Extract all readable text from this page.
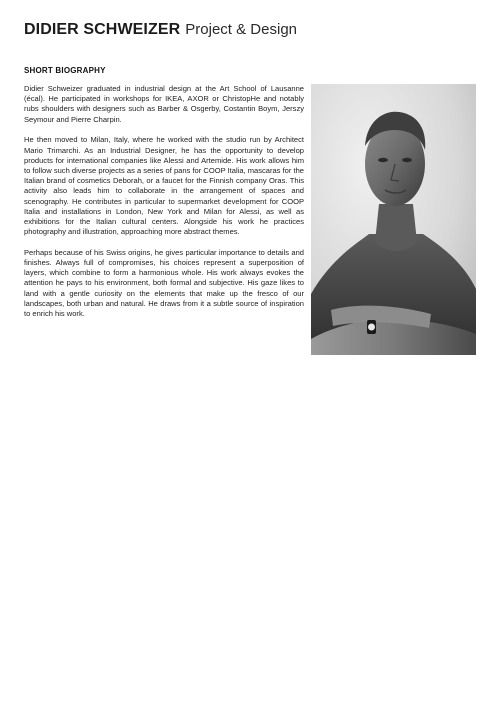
DIDIER SCHWEIZER Project & Design
SHORT BIOGRAPHY

Didier Schweizer graduated in industrial design at the Art School of Lausanne (écal). He participated in workshops for IKEA, AXOR or ChristopHe and notably rubs shoulders with designers such as Barber & Osgerby, Costantin Boym, Jerszy Seymour and Pierre Charpin.

He then moved to Milan, Italy, where he worked with the studio run by Architect Mario Trimarchi. As an Industrial Designer, he has the opportunity to develop products for international companies like Alessi and Artemide. His work allows him to follow such diverse projects as a series of pans for COOP Italia, mascaras for the Italian brand of cosmetics Deborah, or a faucet for the Finnish company Oras. This activity also leads him to collaborate in the arrangement of spaces and scenography. He contributes in particular to supermarket development for COOP Italia and installations in London, New York and Milan for Alessi, as well as exhibitions for the Italian cultural centers. Alongside his work he practices photography and illustration, approaching more abstract themes.

Perhaps because of his Swiss origins, he gives particular importance to details and finishes. Always full of compromises, his choices represent a superposition of layers, which combine to form a harmonious whole. His work always evokes the attention he pays to his environment, both formal and subjective. His gaze likes to land with a gentle curiosity on the elements that make up the fresco of our landscapes, both urban and natural. He draws from it a subtle source of inspiration to enrich his work.
